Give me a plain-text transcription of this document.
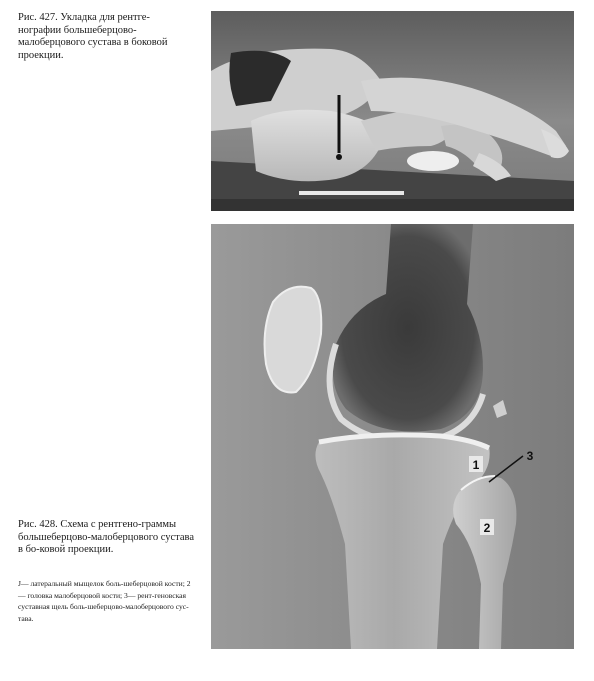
Рис. 427. Укладка для рентге-нографии большеберцово-малоберцового сустава в боковой проекции.
1
2
3
Рис. 428. Схема с рентгено-граммы большеберцово-малоберцового сустава в бо-ковой проекции.
J— латеральный мыщелок боль-шеберцовой кости; 2— головка малоберцовой кости; 3— рент-геновская суставная щель боль-шеберцово-малоберцового сус-тава.
